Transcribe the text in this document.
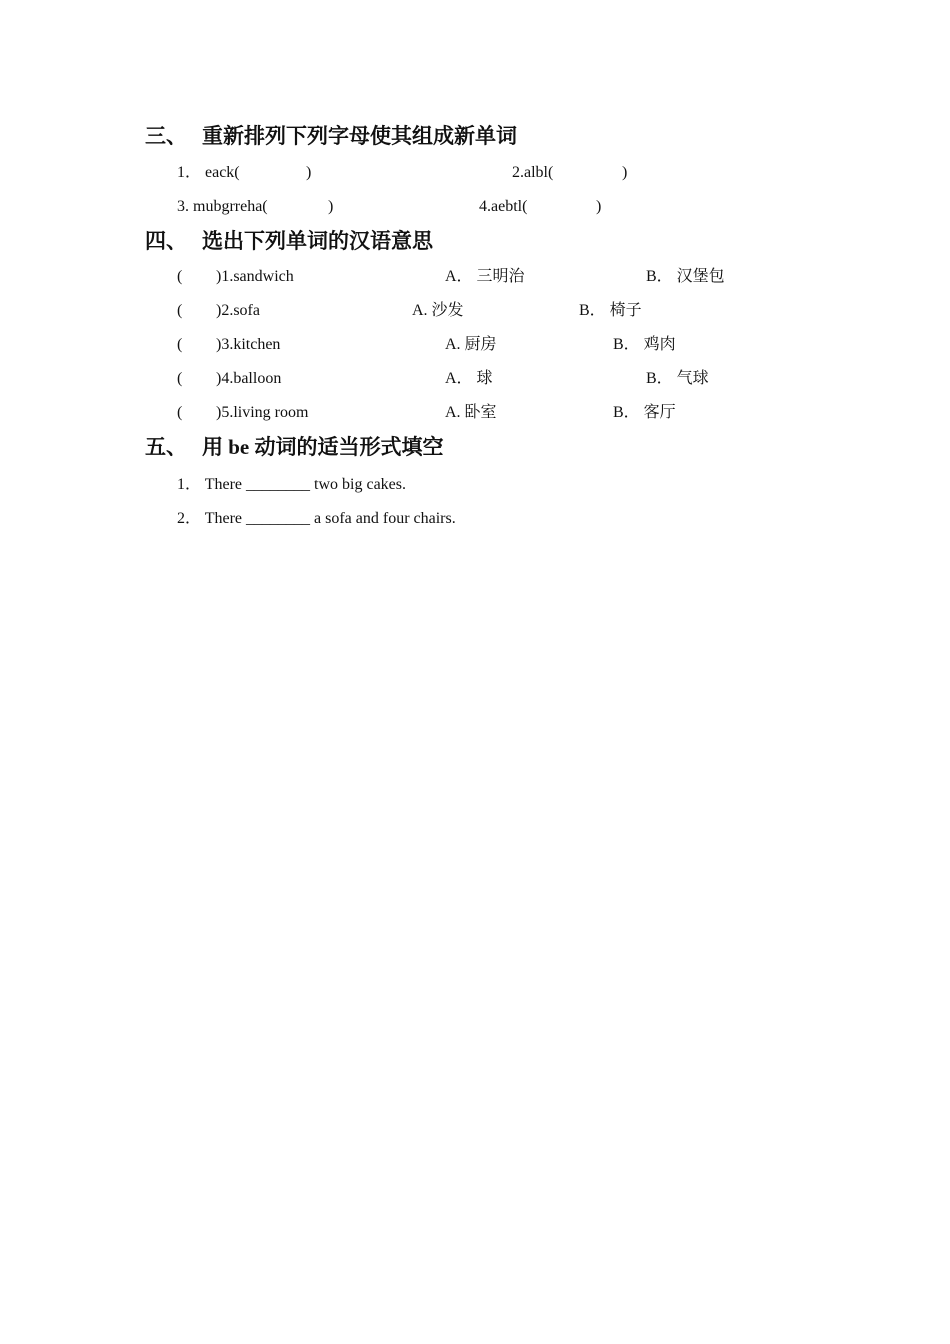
三、 重新排列下列字母使其组成新单词
1． eack(	)	2.albl(	)
3. mubgrreha(	)	4.aebtl(	)
四、 选出下列单词的汉语意思
( )1.sandwich	A． 三明治	B． 汉堡包
( )2.sofa	A. 沙发	B． 椅子
( )3.kitchen	A. 厨房	B． 鸡肉
( )4.balloon	A． 球	B． 气球
( )5.living room	A. 卧室	B． 客厅
五、 用 be 动词的适当形式填空
1． There ________ two big cakes.
2． There ________ a sofa and four chairs.
